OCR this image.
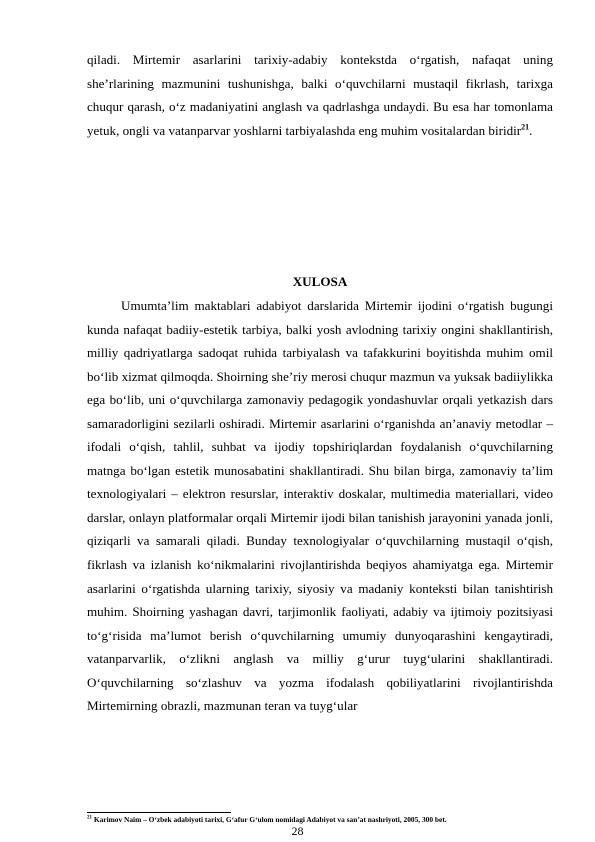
qiladi. Mirtemir asarlarini tarixiy-adabiy kontekstda o‘rgatish, nafaqat uning she’rlarining mazmunini tushunishga, balki o‘quvchilarni mustaqil fikrlash, tarixga chuqur qarash, o‘z madaniyatini anglash va qadrlashga undaydi. Bu esa har tomonlama yetuk, ongli va vatanparvar yoshlarni tarbiyalashda eng muhim vositalardan biridir$^{21}$.

XULOSA

Umumta’lim maktablari adabiyot darslarida Mirtemir ijodini o‘rgatish bugungi kunda nafaqat badiiy-estetik tarbiya, balki yosh avlodning tarixiy ongini shakllantirish, milliy qadriyatlarga sadoqat ruhida tarbiyalash va tafakkurini boyitishda muhim omil bo‘lib xizmat qilmoqda. Shoirning she’riy merosi chuqur mazmun va yuksak badiiylikka ega bo‘lib, uni o‘quvchilarga zamonaviy pedagogik yondashuvlar orqali yetkazish dars samaradorligini sezilarli oshiradi. Mirtemir asarlarini o‘rganishda an’anaviy metodlar – ifodali o‘qish, tahlil, suhbat va ijodiy topshiriqlardan foydalanish o‘quvchilarning matnga bo‘lgan estetik munosabatini shakllantiradi. Shu bilan birga, zamonaviy ta’lim texnologiyalari – elektron resurslar, interaktiv doskalar, multimedia materiallari, video darslar, onlayn platformalar orqali Mirtemir ijodi bilan tanishish jarayonini yanada jonli, qiziqarli va samarali qiladi. Bunday texnologiyalar o‘quvchilarning mustaqil o‘qish, fikrlash va izlanish ko‘nikmalarini rivojlantirishda beqiyos ahamiyatga ega. Mirtemir asarlarini o‘rgatishda ularning tarixiy, siyosiy va madaniy konteksti bilan tanishtirish muhim. Shoirning yashagan davri, tarjimonlik faoliyati, adabiy va ijtimoiy pozitsiyasi to‘g‘risida ma’lumot berish o‘quvchilarning umumiy dunyoqarashini kengaytiradi, vatanparvarlik, o‘zlikni anglash va milliy g‘urur tuyg‘ularini shakllantiradi. O‘quvchilarning so‘zlashuv va yozma ifodalash qobiliyatlarini rivojlantirishda Mirtemirning obrazli, mazmunan teran va tuyg‘ular

$^{21}$ Karimov Naim – O‘zbek adabiyoti tarixi, G‘afur G‘ulom nomidagi Adabiyot va san’at nashriyoti, 2005, 300 bet.

28
